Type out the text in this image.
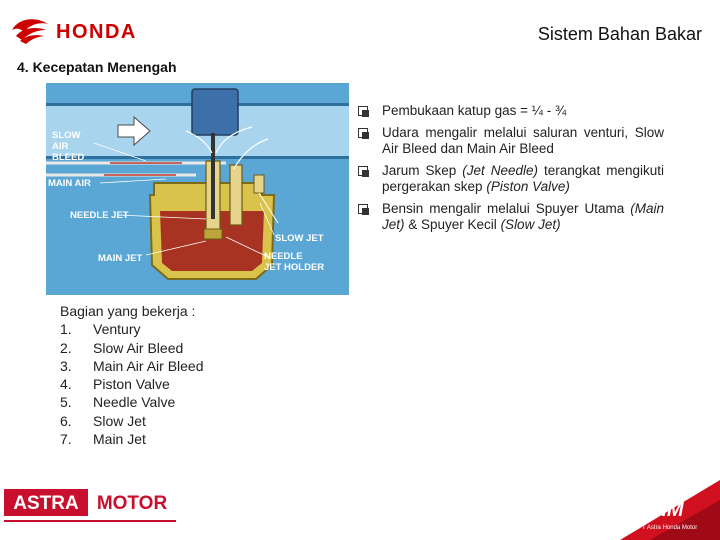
HONDA	Sistem Bahan Bakar
4. Kecepatan Menengah
SLOW
AIR
BLEED
MAIN AIR
NEEDLE JET
SLOW JET
MAIN JET	NEEDLE
JET HOLDER
Pembukaan katup gas = ¼ - ¾
Udara mengalir melalui saluran venturi, Slow Air Bleed dan Main Air Bleed
Jarum Skep (Jet Needle) terangkat mengikuti pergerakan skep (Piston Valve)
Bensin mengalir melalui Spuyer Utama (Main Jet) & Spuyer Kecil (Slow Jet)
Bagian yang bekerja :
1.	Ventury
2.	Slow Air Bleed
3.	Main Air Air Bleed
4.	Piston Valve
5.	Needle Valve
6.	Slow Jet
7.	Main Jet
ASTRA MOTOR	AHM
PT Astra Honda Motor
